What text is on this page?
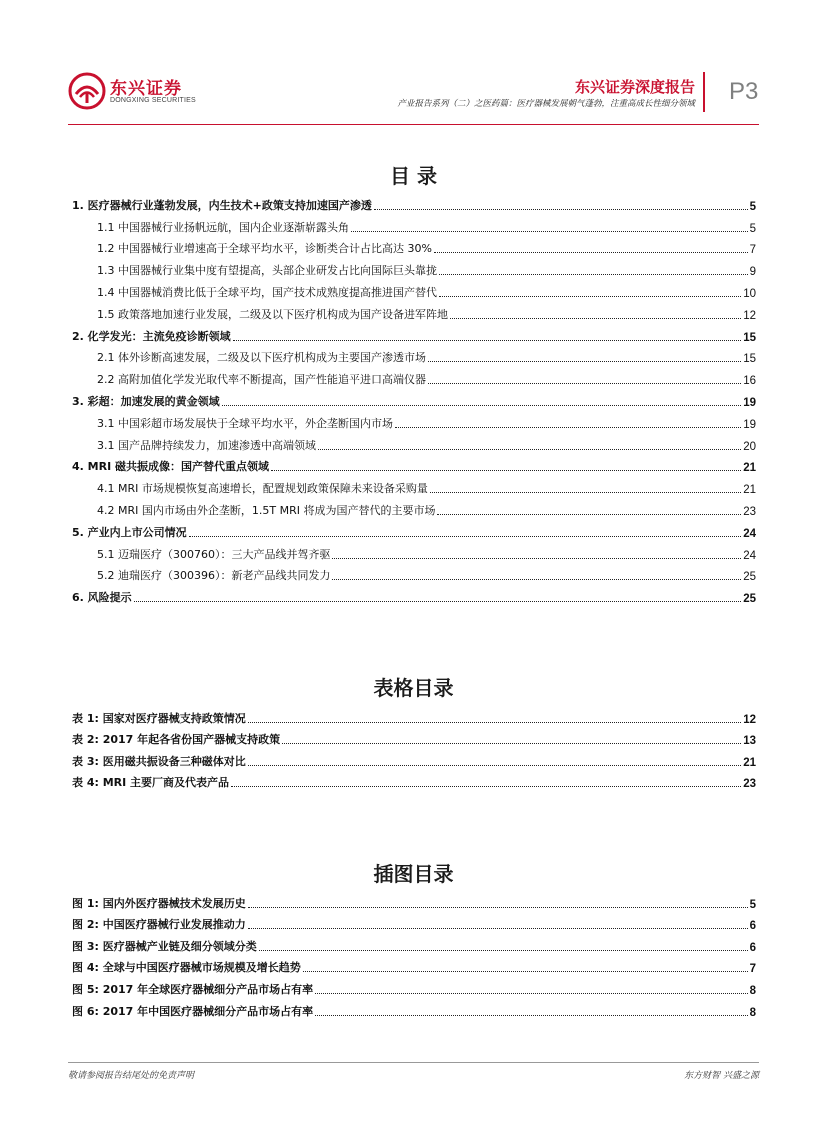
东兴证券
DONGXING SECURITIES
东兴证券深度报告
产业报告系列（二）之医药篇：医疗器械发展朝气蓬勃，注重高成长性细分领域 P3
目 录
1. 医疗器械行业蓬勃发展，内生技术+政策支持加速国产渗透	5
1.1 中国器械行业扬帆远航，国内企业逐渐崭露头角	5
1.2 中国器械行业增速高于全球平均水平，诊断类合计占比高达 30%	7
1.3 中国器械行业集中度有望提高，头部企业研发占比向国际巨头靠拢	9
1.4 中国器械消费比低于全球平均，国产技术成熟度提高推进国产替代	10
1.5 政策落地加速行业发展，二级及以下医疗机构成为国产设备进军阵地	12
2. 化学发光：主流免疫诊断领域	15
2.1 体外诊断高速发展，二级及以下医疗机构成为主要国产渗透市场	15
2.2 高附加值化学发光取代率不断提高，国产性能追平进口高端仪器	16
3. 彩超：加速发展的黄金领域	19
3.1 中国彩超市场发展快于全球平均水平，外企垄断国内市场	19
3.1 国产品牌持续发力，加速渗透中高端领域	20
4. MRI 磁共振成像：国产替代重点领域	21
4.1 MRI 市场规模恢复高速增长，配置规划政策保障未来设备采购量	21
4.2 MRI 国内市场由外企垄断，1.5T MRI 将成为国产替代的主要市场	23
5. 产业内上市公司情况	24
5.1 迈瑞医疗（300760）：三大产品线并驾齐驱	24
5.2 迪瑞医疗（300396）：新老产品线共同发力	25
6. 风险提示	25
表格目录
表 1: 国家对医疗器械支持政策情况	12
表 2: 2017 年起各省份国产器械支持政策	13
表 3: 医用磁共振设备三种磁体对比	21
表 4: MRI 主要厂商及代表产品	23
插图目录
图 1: 国内外医疗器械技术发展历史	5
图 2: 中国医疗器械行业发展推动力	6
图 3: 医疗器械产业链及细分领域分类	6
图 4: 全球与中国医疗器械市场规模及增长趋势	7
图 5: 2017 年全球医疗器械细分产品市场占有率	8
图 6: 2017 年中国医疗器械细分产品市场占有率	8
敬请参阅报告结尾处的免责声明	东方财智 兴盛之源
